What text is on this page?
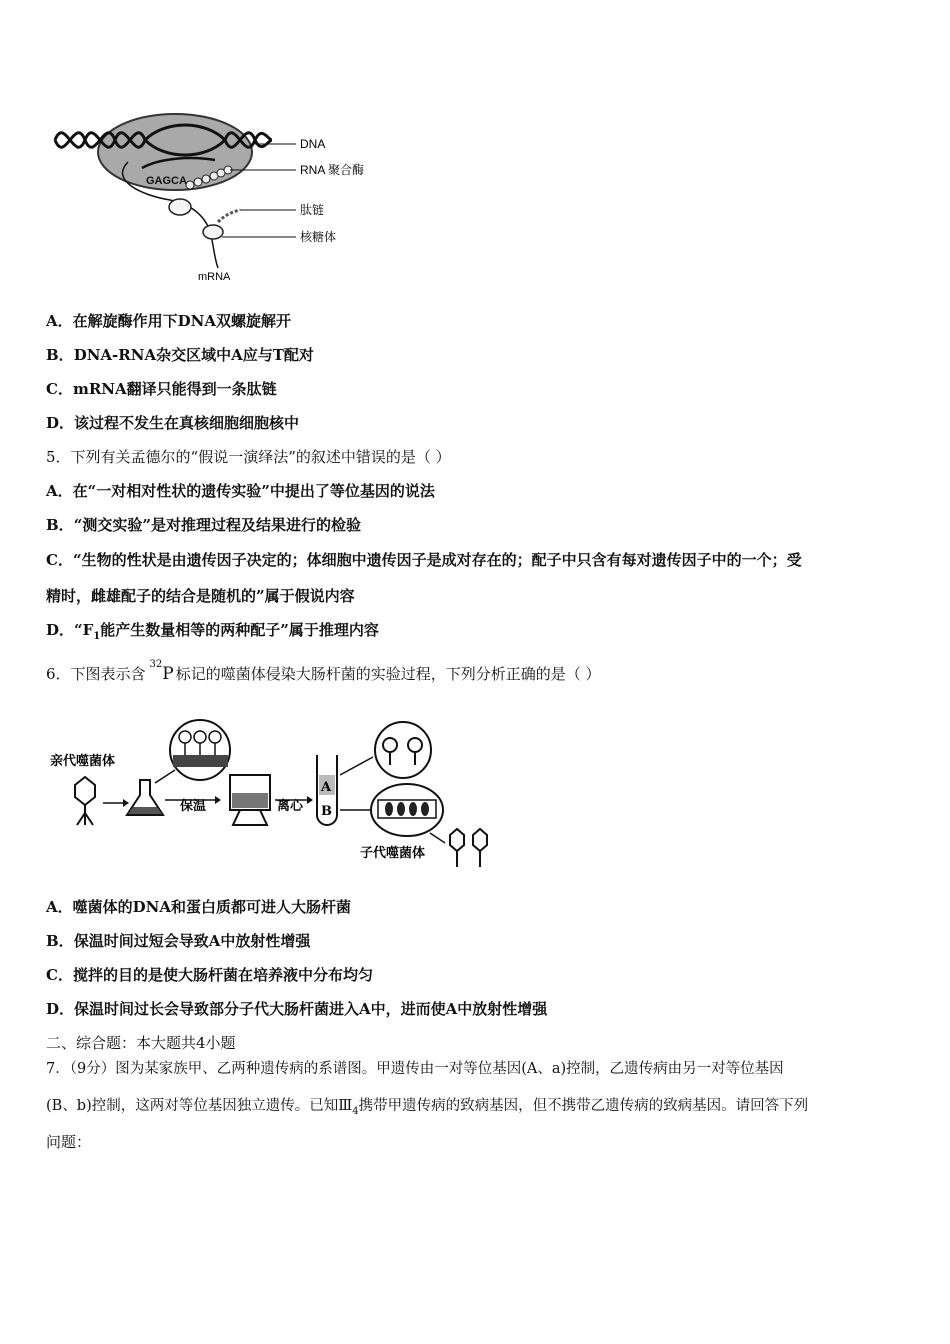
GAGCA
DNA
RNA 聚合酶
肽链
核糖体
mRNA
A．在解旋酶作用下DNA双螺旋解开
B．DNA-RNA杂交区域中A应与T配对
C．mRNA翻译只能得到一条肽链
D．该过程不发生在真核细胞细胞核中
5．下列有关孟德尔的“假说一演绎法”的叙述中错误的是（ ）
A．在“一对相对性状的遗传实验”中提出了等位基因的说法
B．“测交实验”是对推理过程及结果进行的检验
C．“生物的性状是由遗传因子决定的；体细胞中遗传因子是成对存在的；配子中只含有每对遗传因子中的一个；受
精时，雌雄配子的结合是随机的”属于假说内容
D．“$F_1$能产生数量相等的两种配子”属于推理内容
6．下图表示含$^{32}$P 标记的噬菌体侵染大肠杆菌的实验过程，下列分析正确的是（ ）
亲代噬菌体
保温	离心
A
B
子代噬菌体
A．噬菌体的DNA和蛋白质都可进人大肠杆菌
B．保温时间过短会导致A中放射性增强
C．搅拌的目的是使大肠杆菌在培养液中分布均匀
D．保温时间过长会导致部分子代大肠杆菌进入A中，进而使A中放射性增强
二、综合题：本大题共4小题
7．（9分）图为某家族甲、乙两种遗传病的系谱图。甲遗传由一对等位基因(A、a)控制，乙遗传病由另一对等位基因
(B、b)控制，这两对等位基因独立遗传。已知$Ⅲ_4$携带甲遗传病的致病基因，但不携带乙遗传病的致病基因。请回答下列
问题：
